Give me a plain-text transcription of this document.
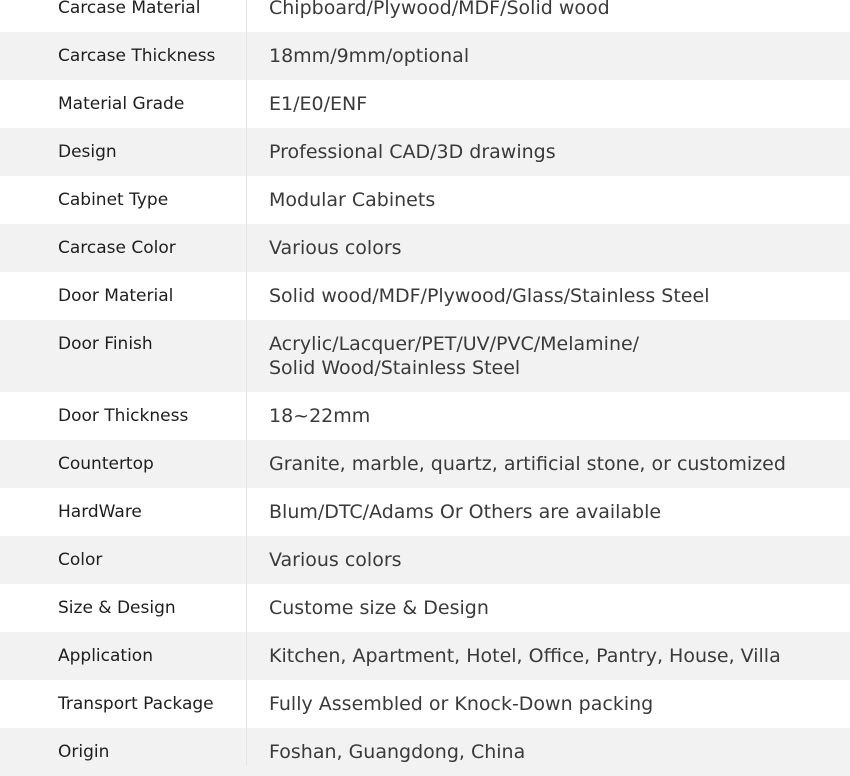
Carcase Material	Chipboard/Plywood/MDF/Solid wood
Carcase Thickness	18mm/9mm/optional
Material Grade	E1/E0/ENF
Design	Professional CAD/3D drawings
Cabinet Type	Modular Cabinets
Carcase Color	Various colors
Door Material	Solid wood/MDF/Plywood/Glass/Stainless Steel
Door Finish	Acrylic/Lacquer/PET/UV/PVC/Melamine/
Solid Wood/Stainless Steel
Door Thickness	18~22mm
Countertop	Granite, marble, quartz, artificial stone, or customized
HardWare	Blum/DTC/Adams Or Others are available
Color	Various colors
Size & Design	Custome size & Design
Application	Kitchen, Apartment, Hotel, Office, Pantry, House, Villa
Transport Package	Fully Assembled or Knock-Down packing
Origin	Foshan, Guangdong, China
